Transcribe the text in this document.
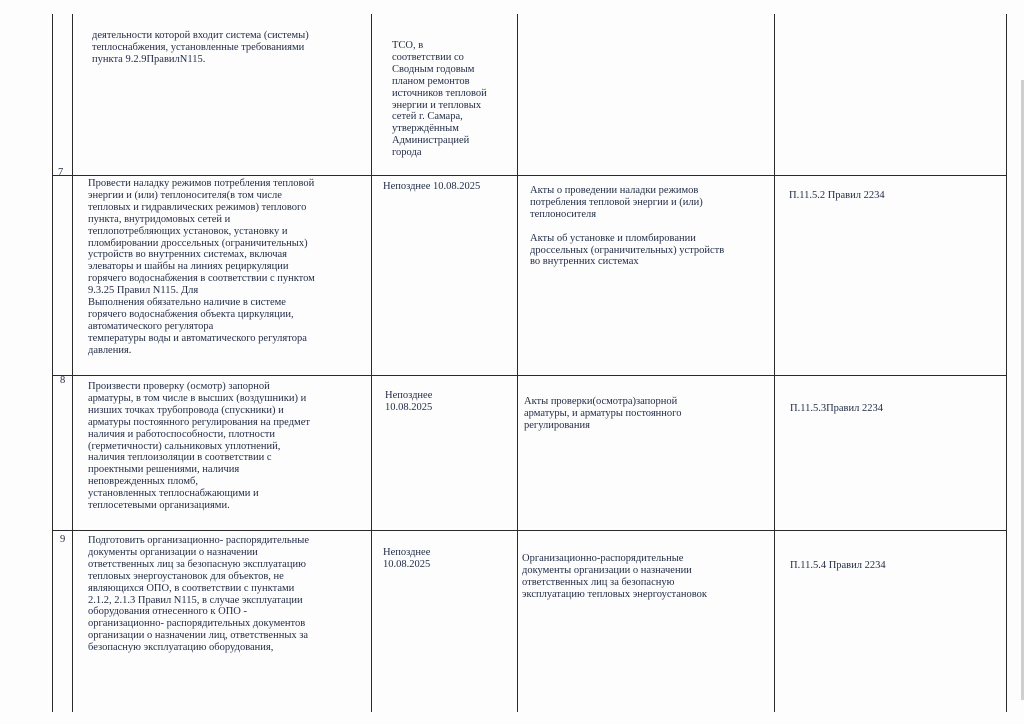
деятельности которой входит система (системы)
теплоснабжения, установленные требованиями
пункта 9.2.9ПравилN115.
ТСО, в
соответствии со
Сводным годовым
планом ремонтов
источников тепловой
энергии и тепловых
сетей г. Самара,
утверждённым
Администрацией
города
7
Провести наладку режимов потребления тепловой
энергии и (или) теплоносителя(в том числе
тепловых и гидравлических режимов) теплового
пункта, внутридомовых сетей и
теплопотребляющих установок, установку и
пломбировании дроссельных (ограничительных)
устройств во внутренних системах, включая
элеваторы и шайбы на линиях рециркуляции
горячего водоснабжения в соответствии с пунктом
9.3.25 Правил N115. Для
Выполнения обязательно наличие в системе
горячего водоснабжения объекта циркуляции,
автоматического регулятора
температуры воды и автоматического регулятора
давления.
Непозднее 10.08.2025	Акты о проведении наладки режимов
потребления тепловой энергии и (или)
теплоносителя

Акты об установке и пломбировании
дроссельных (ограничительных) устройств
во внутренних системах
П.11.5.2 Правил 2234
8
Произвести проверку (осмотр) запорной
арматуры, в том числе в высших (воздушники) и
низших точках трубопровода (спускники) и
арматуры постоянного регулирования на предмет
наличия и работоспособности, плотности
(герметичности) сальниковых уплотнений,
наличия теплоизоляции в соответствии с
проектными решениями, наличия
неповрежденных пломб,
установленных теплоснабжающими и
теплосетевыми организациями.
Непозднее
10.08.2025
Акты проверки(осмотра)запорной
арматуры, и арматуры постоянного
регулирования
П.11.5.3Правил 2234
9	Подготовить организационно- распорядительные
документы организации о назначении
ответственных лиц за безопасную эксплуатацию
тепловых энергоустановок для объектов, не
являющихся ОПО, в соответствии с пунктами
2.1.2, 2.1.3 Правил N115, в случае эксплуатации
оборудования отнесенного к ОПО -
организационно- распорядительных документов
организации о назначении лиц, ответственных за
безопасную эксплуатацию оборудования,
Непозднее
10.08.2025
Организационно-распорядительные
документы организации о назначении
ответственных лиц за безопасную
эксплуатацию тепловых энергоустановок
П.11.5.4 Правил 2234
